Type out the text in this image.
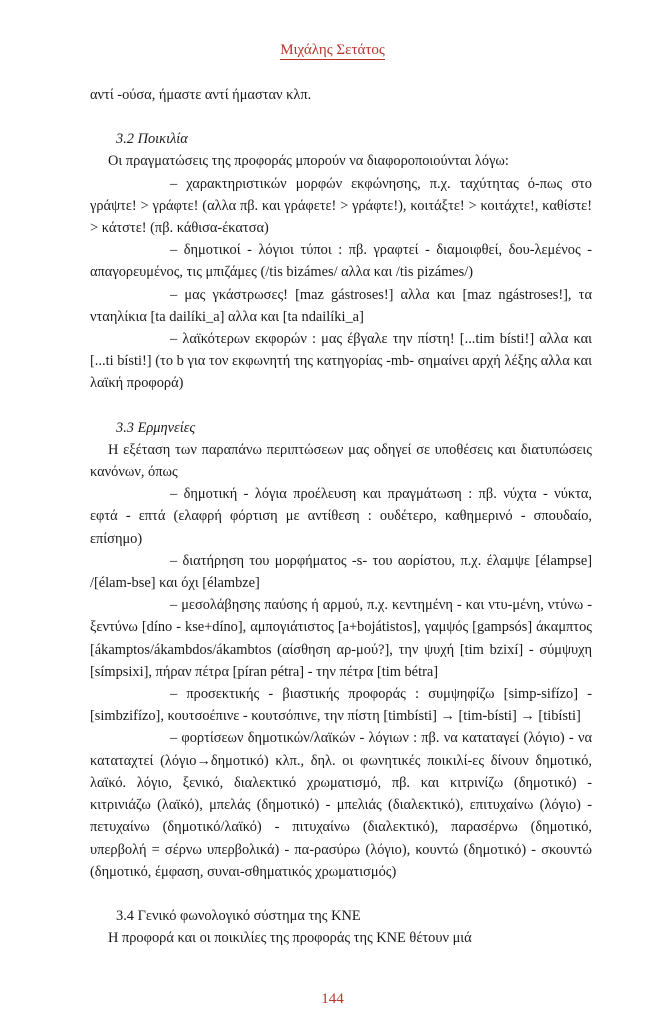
Μιχάλης Σετάτος

αντί -ούσα, ήμαστε αντί ήμασταν κλπ.

3.2 Ποικιλία

Οι πραγματώσεις της προφοράς μπορούν να διαφοροποιούνται λόγω:

– χαρακτηριστικών μορφών εκφώνησης, π.χ. ταχύτητας ό-πως στο γράψτε! > γράφτε! (αλλα πβ. και γράφετε! > γράφτε!), κοιτάξτε! > κοιτάχτε!, καθίστε! > κάτστε! (πβ. κάθισα-έκατσα)

– δημοτικοί - λόγιοι τύποι : πβ. γραφτεί - διαμοιφθεί, δου-λεμένος - απαγορευμένος, τις μπιζάμες (/tis bizámes/ αλλα και /tis pizámes/)

– μας γκάστρωσες! [maz gástroses!] αλλα και [maz ngástroses!], τα νταηλίκια [ta dailíki_a] αλλα και [ta ndailíki_a]

– λαϊκότερων εκφορών : μας έβγαλε την πίστη! [...tim bísti!] αλλα και [...ti bísti!] (το b για τον εκφωνητή της κατηγορίας -mb- σημαίνει αρχή λέξης αλλα και λαϊκή προφορά)

3.3 Ερμηνείες

Η εξέταση των παραπάνω περιπτώσεων μας οδηγεί σε υποθέσεις και διατυπώσεις κανόνων, όπως

– δημοτική - λόγια προέλευση και πραγμάτωση : πβ. νύχτα - νύκτα, εφτά - επτά (ελαφρή φόρτιση με αντίθεση : ουδέτερο, καθημερινό - σπουδαίο, επίσημο)

– διατήρηση του μορφήματος -s- του αορίστου, π.χ. έλαμψε [élampse] /[élam-bse] και όχι [élambze]

– μεσολάβησης παύσης ή αρμού, π.χ. κεντημένη - και ντυ-μένη, ντύνω - ξεντύνω [díno - kse+díno], αμπογιάτιστος [a+bojátistos], γαμψός [gampsós] άκαμπτος [ákamptos/ákambdos/ákambtos (αίσθηση αρ-μού?], την ψυχή [tim bzixí] - σύμψυχη [símpsixi], πήραν πέτρα [píran pétra] - την πέτρα [tim bétra]

– προσεκτικής - βιαστικής προφοράς : συμψηφίζω [simp-sifízo] - [simbzifízo], κουτσοέπινε - κουτσόπινε, την πίστη [timbísti] → [tim-bísti] → [tibísti]

– φορτίσεων δημοτικών/λαϊκών - λόγιων : πβ. να καταταγεί (λόγιο) - να καταταχτεί (λόγιο→δημοτικό) κλπ., δηλ. οι φωνητικές ποικιλί-ες δίνουν δημοτικό, λαϊκό. λόγιο, ξενικό, διαλεκτικό χρωματισμό, πβ. και κιτρινίζω (δημοτικό) - κιτρινιάζω (λαϊκό), μπελάς (δημοτικό) - μπελιάς (διαλεκτικό), επιτυχαίνω (λόγιο) - πετυχαίνω (δημοτικό/λαϊκό) - πιτυχαίνω (διαλεκτικό), παρασέρνω (δημοτικό, υπερβολή = σέρνω υπερβολικά) - πα-ρασύρω (λόγιο), κουντώ (δημοτικό) - σκουντώ (δημοτικό, έμφαση, συναι-σθηματικός χρωματισμός)

3.4 Γενικό φωνολογικό σύστημα της ΚΝΕ

Η προφορά και οι ποικιλίες της προφοράς της ΚΝΕ θέτουν μιά

144
